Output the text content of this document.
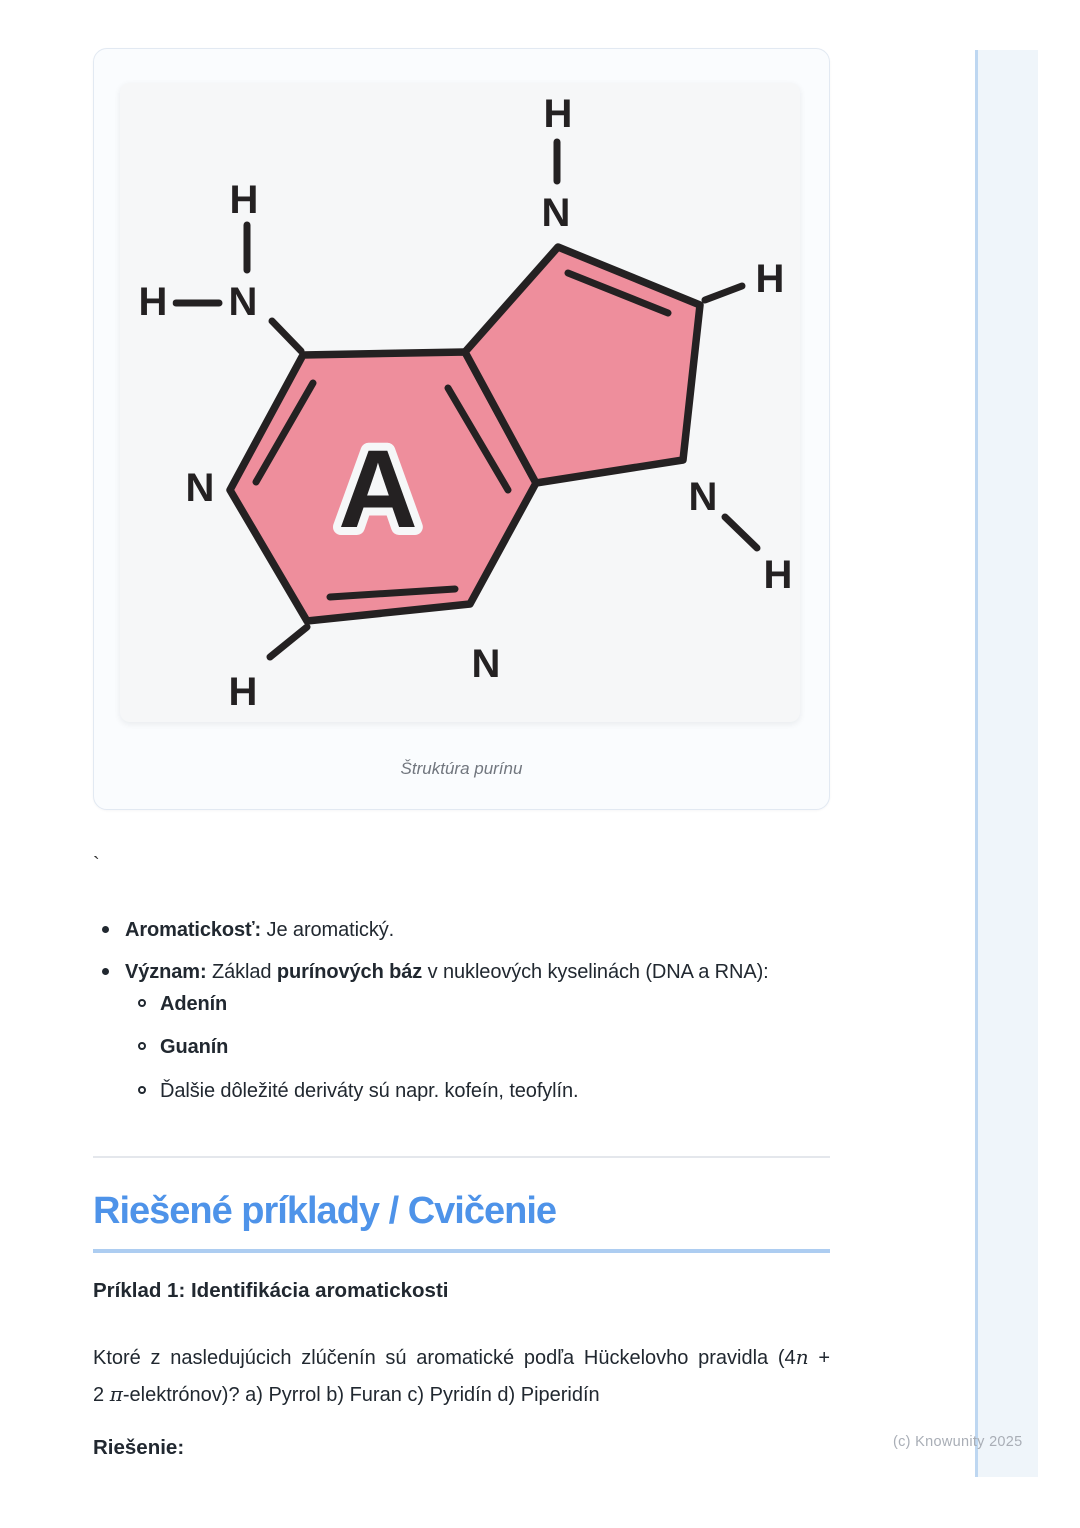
H
H N
H
N
H
N	N
H
N
H
A
Štruktúra purínu
`
Aromatickosť: Je aromatický.
Význam: Základ purínových báz v nukleových kyselinách (DNA a RNA):
Adenín
Guanín
Ďalšie dôležité deriváty sú napr. kofeín, teofylín.
Riešené príklady / Cvičenie
Príklad 1: Identifikácia aromatickosti
Ktoré z nasledujúcich zlúčenín sú aromatické podľa Hückelovho pravidla (4n +
2 π-elektrónov)? a) Pyrrol b) Furan c) Pyridín d) Piperidín
Riešenie:	(c) Knowunity 2025
